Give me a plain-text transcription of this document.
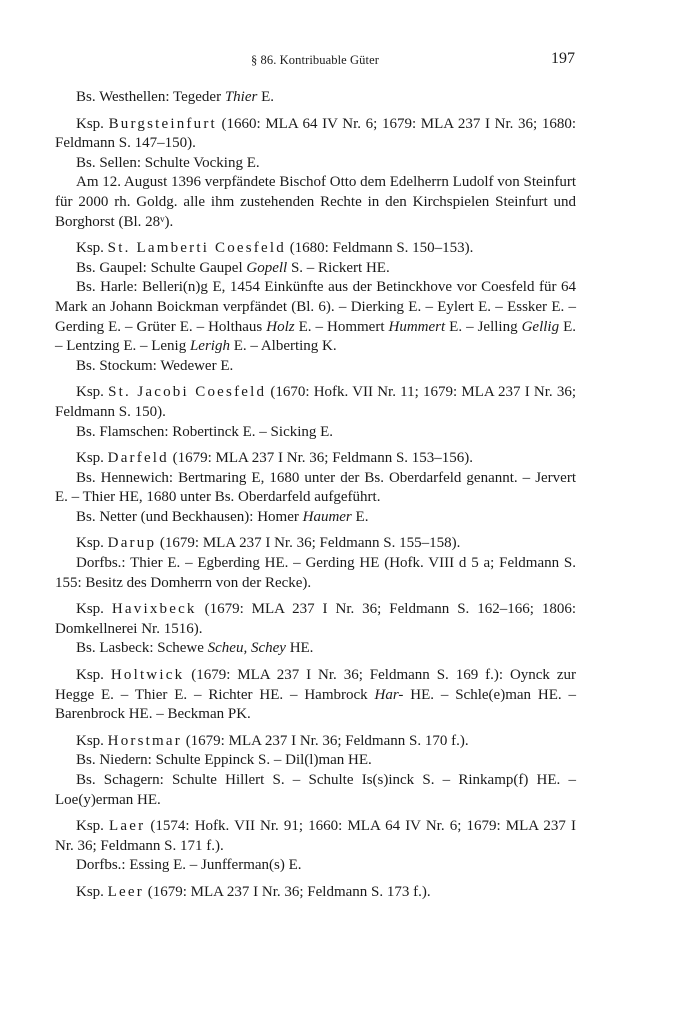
§ 86. Kontribuable Güter	197

Bs. Westhellen: Tegeder Thier E.

Ksp. Burgsteinfurt (1660: MLA 64 IV Nr. 6; 1679: MLA 237 I Nr. 36; 1680: Feldmann S. 147–150).

Bs. Sellen: Schulte Vocking E.

Am 12. August 1396 verpfändete Bischof Otto dem Edelherrn Ludolf von Steinfurt für 2000 rh. Goldg. alle ihm zustehenden Rechte in den Kirchspielen Steinfurt und Borghorst (Bl. 28ᵛ).

Ksp. St. Lamberti Coesfeld (1680: Feldmann S. 150–153).

Bs. Gaupel: Schulte Gaupel Gopell S. – Rickert HE.

Bs. Harle: Belleri(n)g E, 1454 Einkünfte aus der Betinckhove vor Coesfeld für 64 Mark an Johann Boickman verpfändet (Bl. 6). – Dierking E. – Eylert E. – Essker E. – Gerding E. – Grüter E. – Holthaus Holz E. – Hommert Hummert E. – Jelling Gellig E. – Lentzing E. – Lenig Lerigh E. – Alberting K.

Bs. Stockum: Wedewer E.

Ksp. St. Jacobi Coesfeld (1670: Hofk. VII Nr. 11; 1679: MLA 237 I Nr. 36; Feldmann S. 150).

Bs. Flamschen: Robertinck E. – Sicking E.

Ksp. Darfeld (1679: MLA 237 I Nr. 36; Feldmann S. 153–156).

Bs. Hennewich: Bertmaring E, 1680 unter der Bs. Oberdarfeld genannt. – Jervert E. – Thier HE, 1680 unter Bs. Oberdarfeld aufgeführt.

Bs. Netter (und Beckhausen): Homer Haumer E.

Ksp. Darup (1679: MLA 237 I Nr. 36; Feldmann S. 155–158).

Dorfbs.: Thier E. – Egberding HE. – Gerding HE (Hofk. VIII d 5 a; Feldmann S. 155: Besitz des Domherrn von der Recke).

Ksp. Havixbeck (1679: MLA 237 I Nr. 36; Feldmann S. 162–166; 1806: Domkellnerei Nr. 1516).

Bs. Lasbeck: Schewe Scheu, Schey HE.

Ksp. Holtwick (1679: MLA 237 I Nr. 36; Feldmann S. 169 f.): Oynck zur Hegge E. – Thier E. – Richter HE. – Hambrock Har- HE. – Schle(e)man HE. – Barenbrock HE. – Beckman PK.

Ksp. Horstmar (1679: MLA 237 I Nr. 36; Feldmann S. 170 f.).

Bs. Niedern: Schulte Eppinck S. – Dil(l)man HE.

Bs. Schagern: Schulte Hillert S. – Schulte Is(s)inck S. – Rinkamp(f) HE. – Loe(y)erman HE.

Ksp. Laer (1574: Hofk. VII Nr. 91; 1660: MLA 64 IV Nr. 6; 1679: MLA 237 I Nr. 36; Feldmann S. 171 f.).

Dorfbs.: Essing E. – Junfferman(s) E.

Ksp. Leer (1679: MLA 237 I Nr. 36; Feldmann S. 173 f.).
